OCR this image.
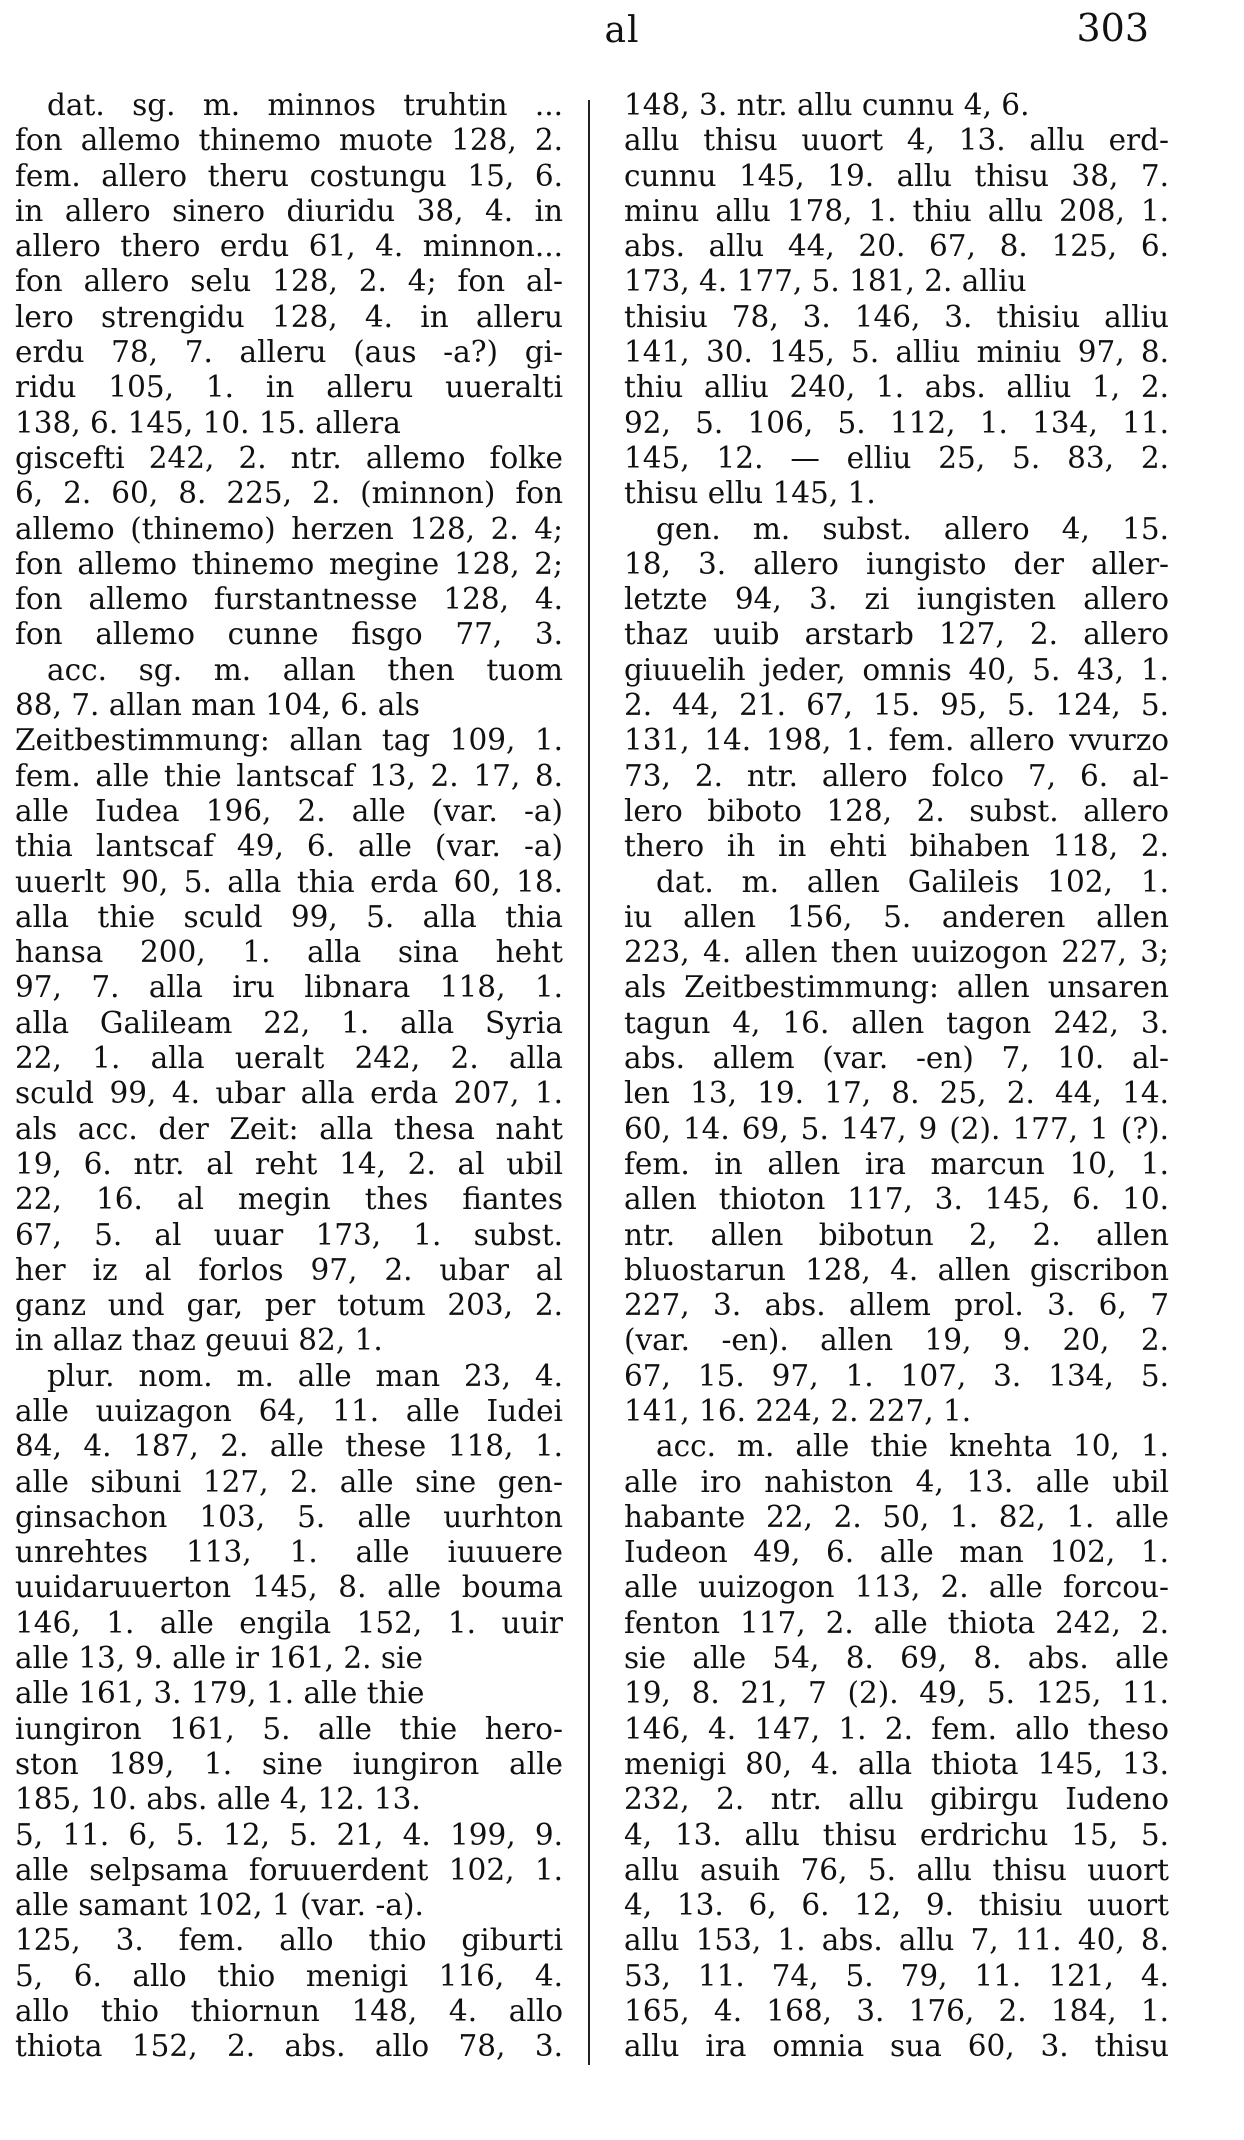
al	303
dat. sg. m. minnos truhtin ...
fon allemo thinemo muote 128, 2.
fem. allero theru costungu 15, 6.
in allero sinero diuridu 38, 4. in
allero thero erdu 61, 4. minnon...
fon allero selu 128, 2. 4; fon al-
lero strengidu 128, 4. in alleru
erdu 78, 7. alleru (aus -a?) gi-
ridu 105, 1. in alleru uueralti
138, 6. 145, 10. 15. allera
giscefti 242, 2. ntr. allemo folke
6, 2. 60, 8. 225, 2. (minnon) fon
allemo (thinemo) herzen 128, 2. 4;
fon allemo thinemo megine 128, 2;
fon allemo furstantnesse 128, 4.
fon allemo cunne fisgo 77, 3.
acc. sg. m. allan then tuom
88, 7. allan man 104, 6. als
Zeitbestimmung: allan tag 109, 1.
fem. alle thie lantscaf 13, 2. 17, 8.
alle Iudea 196, 2. alle (var. -a)
thia lantscaf 49, 6. alle (var. -a)
uuerlt 90, 5. alla thia erda 60, 18.
alla thie sculd 99, 5. alla thia
hansa 200, 1. alla sina heht
97, 7. alla iru libnara 118, 1.
alla Galileam 22, 1. alla Syria
22, 1. alla ueralt 242, 2. alla
sculd 99, 4. ubar alla erda 207, 1.
als acc. der Zeit: alla thesa naht
19, 6. ntr. al reht 14, 2. al ubil
22, 16. al megin thes fiantes
67, 5. al uuar 173, 1. subst.
her iz al forlos 97, 2. ubar al
ganz und gar, per totum 203, 2.
in allaz thaz geuui 82, 1.
plur. nom. m. alle man 23, 4.
alle uuizagon 64, 11. alle Iudei
84, 4. 187, 2. alle these 118, 1.
alle sibuni 127, 2. alle sine gen-
ginsachon 103, 5. alle uurhton
unrehtes 113, 1. alle iuuuere
uuidaruuerton 145, 8. alle bouma
146, 1. alle engila 152, 1. uuir
alle 13, 9. alle ir 161, 2. sie
alle 161, 3. 179, 1. alle thie
iungiron 161, 5. alle thie hero-
ston 189, 1. sine iungiron alle
185, 10. abs. alle 4, 12. 13.
5, 11. 6, 5. 12, 5. 21, 4. 199, 9.
alle selpsama foruuerdent 102, 1.
alle samant 102, 1 (var. -a).
125, 3. fem. allo thio giburti
5, 6. allo thio menigi 116, 4.
allo thio thiornun 148, 4. allo
thiota 152, 2. abs. allo 78, 3.
148, 3. ntr. allu cunnu 4, 6.
allu thisu uuort 4, 13. allu erd-
cunnu 145, 19. allu thisu 38, 7.
minu allu 178, 1. thiu allu 208, 1.
abs. allu 44, 20. 67, 8. 125, 6.
173, 4. 177, 5. 181, 2. alliu
thisiu 78, 3. 146, 3. thisiu alliu
141, 30. 145, 5. alliu miniu 97, 8.
thiu alliu 240, 1. abs. alliu 1, 2.
92, 5. 106, 5. 112, 1. 134, 11.
145, 12. — elliu 25, 5. 83, 2.
thisu ellu 145, 1.
gen. m. subst. allero 4, 15.
18, 3. allero iungisto der aller-
letzte 94, 3. zi iungisten allero
thaz uuib arstarb 127, 2. allero
giuuelih jeder, omnis 40, 5. 43, 1.
2. 44, 21. 67, 15. 95, 5. 124, 5.
131, 14. 198, 1. fem. allero vvurzo
73, 2. ntr. allero folco 7, 6. al-
lero biboto 128, 2. subst. allero
thero ih in ehti bihaben 118, 2.
dat. m. allen Galileis 102, 1.
iu allen 156, 5. anderen allen
223, 4. allen then uuizogon 227, 3;
als Zeitbestimmung: allen unsaren
tagun 4, 16. allen tagon 242, 3.
abs. allem (var. -en) 7, 10. al-
len 13, 19. 17, 8. 25, 2. 44, 14.
60, 14. 69, 5. 147, 9 (2). 177, 1 (?).
fem. in allen ira marcun 10, 1.
allen thioton 117, 3. 145, 6. 10.
ntr. allen bibotun 2, 2. allen
bluostarun 128, 4. allen giscribon
227, 3. abs. allem prol. 3. 6, 7
(var. -en). allen 19, 9. 20, 2.
67, 15. 97, 1. 107, 3. 134, 5.
141, 16. 224, 2. 227, 1.
acc. m. alle thie knehta 10, 1.
alle iro nahiston 4, 13. alle ubil
habante 22, 2. 50, 1. 82, 1. alle
Iudeon 49, 6. alle man 102, 1.
alle uuizogon 113, 2. alle forcou-
fenton 117, 2. alle thiota 242, 2.
sie alle 54, 8. 69, 8. abs. alle
19, 8. 21, 7 (2). 49, 5. 125, 11.
146, 4. 147, 1. 2. fem. allo theso
menigi 80, 4. alla thiota 145, 13.
232, 2. ntr. allu gibirgu Iudeno
4, 13. allu thisu erdrichu 15, 5.
allu asuih 76, 5. allu thisu uuort
4, 13. 6, 6. 12, 9. thisiu uuort
allu 153, 1. abs. allu 7, 11. 40, 8.
53, 11. 74, 5. 79, 11. 121, 4.
165, 4. 168, 3. 176, 2. 184, 1.
allu ira omnia sua 60, 3. thisu
